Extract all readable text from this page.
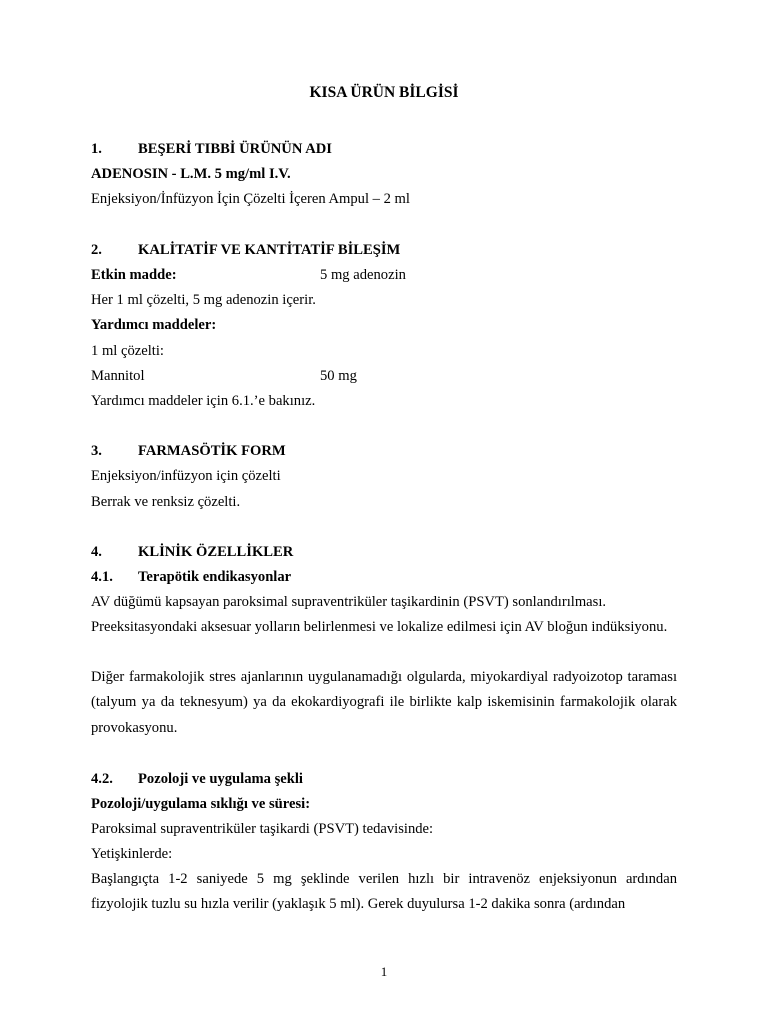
KISA ÜRÜN BİLGİSİ
1. BEŞERİ TIBBİ ÜRÜNÜN ADI
ADENOSIN - L.M. 5 mg/ml I.V.
Enjeksiyon/İnfüzyon İçin Çözelti İçeren Ampul – 2 ml
2. KALİTATİF VE KANTİTATİF BİLEŞİM
Etkin madde:	5 mg adenozin
Her 1 ml çözelti, 5 mg adenozin içerir.
Yardımcı maddeler:
1 ml çözelti:
Mannitol	50 mg
Yardımcı maddeler için 6.1.’e bakınız.
3. FARMASÖTİK FORM
Enjeksiyon/infüzyon için çözelti
Berrak ve renksiz çözelti.
4. KLİNİK ÖZELLİKLER
4.1. Terapötik endikasyonlar

AV düğümü kapsayan paroksimal supraventriküler taşikardinin (PSVT) sonlandırılması.

Preeksitasyondaki aksesuar yolların belirlenmesi ve lokalize edilmesi için AV bloğun indüksiyonu.

Diğer farmakolojik stres ajanlarının uygulanamadığı olgularda, miyokardiyal radyoizotop taraması (talyum ya da teknesyum) ya da ekokardiyografi ile birlikte kalp iskemisinin farmakolojik olarak provokasyonu.

4.2. Pozoloji ve uygulama şekli
Pozoloji/uygulama sıklığı ve süresi:
Paroksimal supraventriküler taşikardi (PSVT) tedavisinde:
Yetişkinlerde:

Başlangıçta 1-2 saniyede 5 mg şeklinde verilen hızlı bir intravenöz enjeksiyonun ardından fizyolojik tuzlu su hızla verilir (yaklaşık 5 ml). Gerek duyulursa 1-2 dakika sonra (ardından

1
